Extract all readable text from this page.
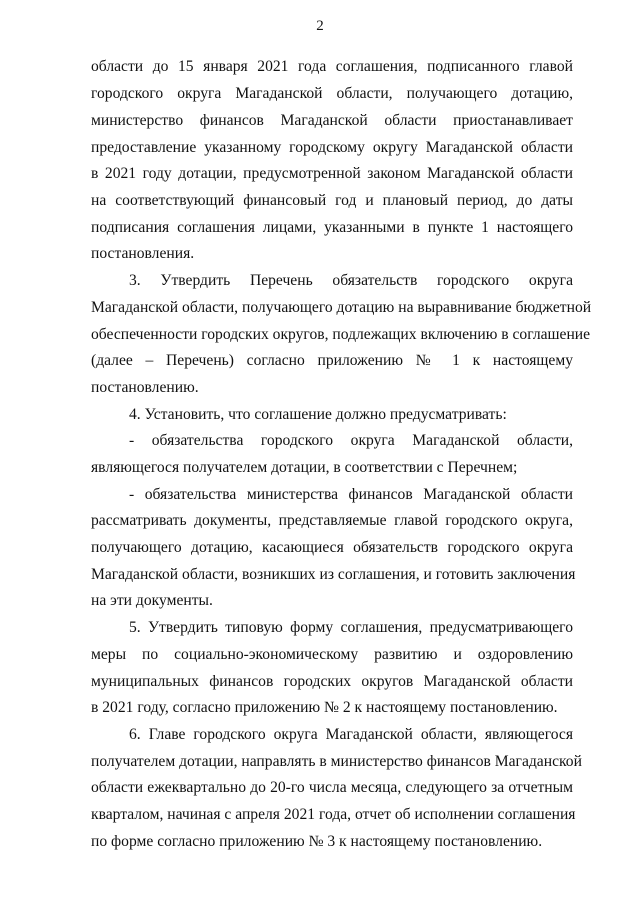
2
области до 15 января 2021 года соглашения, подписанного главой
городского округа Магаданской области, получающего дотацию,
министерство финансов Магаданской области приостанавливает
предоставление указанному городскому округу Магаданской области
в 2021 году дотации, предусмотренной законом Магаданской области
на соответствующий финансовый год и плановый период, до даты
подписания соглашения лицами, указанными в пункте 1 настоящего
постановления.
3. Утвердить Перечень обязательств городского округа
Магаданской области, получающего дотацию на выравнивание бюджетной
обеспеченности городских округов, подлежащих включению в соглашение
(далее – Перечень) согласно приложению № 1 к настоящему
постановлению.
4. Установить, что соглашение должно предусматривать:
- обязательства городского округа Магаданской области,
являющегося получателем дотации, в соответствии с Перечнем;
- обязательства министерства финансов Магаданской области
рассматривать документы, представляемые главой городского округа,
получающего дотацию, касающиеся обязательств городского округа
Магаданской области, возникших из соглашения, и готовить заключения
на эти документы.
5. Утвердить типовую форму соглашения, предусматривающего
меры по социально-экономическому развитию и оздоровлению
муниципальных финансов городских округов Магаданской области
в 2021 году, согласно приложению № 2 к настоящему постановлению.
6. Главе городского округа Магаданской области, являющегося
получателем дотации, направлять в министерство финансов Магаданской
области ежеквартально до 20-го числа месяца, следующего за отчетным
кварталом, начиная с апреля 2021 года, отчет об исполнении соглашения
по форме согласно приложению № 3 к настоящему постановлению.
